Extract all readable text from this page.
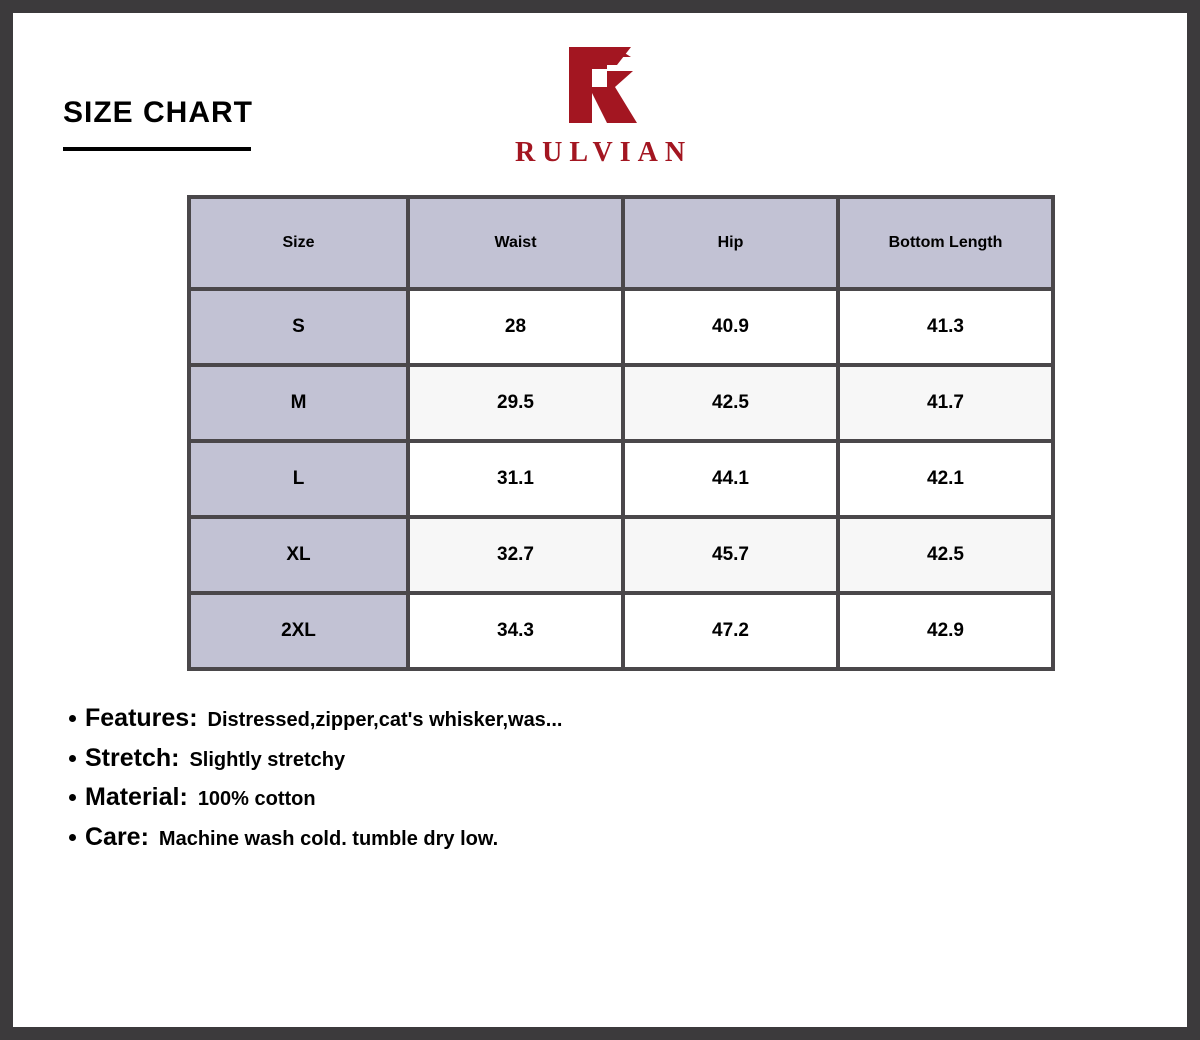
SIZE CHART
RULVIAN
Size	Waist	Hip	Bottom Length
S	28	40.9	41.3
M	29.5	42.5	41.7
L	31.1	44.1	42.1
XL	32.7	45.7	42.5
2XL	34.3	47.2	42.9
Features: Distressed,zipper,cat's whisker,was...
Stretch: Slightly stretchy
Material: 100% cotton
Care: Machine wash cold. tumble dry low.
